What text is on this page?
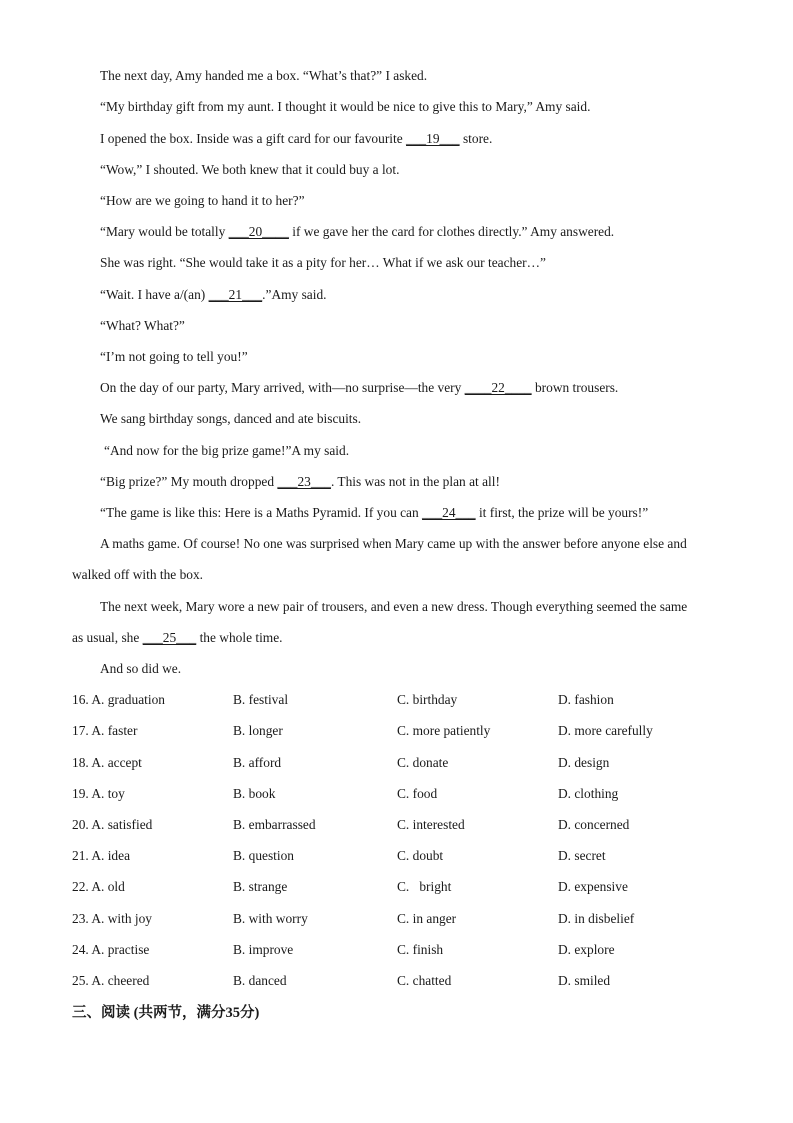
The next day, Amy handed me a box. “What’s that?” I asked.
“My birthday gift from my aunt. I thought it would be nice to give this to Mary,” Amy said.
I opened the box. Inside was a gift card for our favourite ___19___ store.
“Wow,” I shouted. We both knew that it could buy a lot.
“How are we going to hand it to her?”
“Mary would be totally ___20____ if we gave her the card for clothes directly.” Amy answered.
She was right. “She would take it as a pity for her… What if we ask our teacher…”
“Wait. I have a/(an) ___21___.”Amy said.
“What? What?”
“I’m not going to tell you!”
On the day of our party, Mary arrived, with—no surprise—the very ____22____ brown trousers.
We sang birthday songs, danced and ate biscuits.
“And now for the big prize game!”A my said.
“Big prize?” My mouth dropped ___23___. This was not in the plan at all!
“The game is like this: Here is a Maths Pyramid. If you can ___24___ it first, the prize will be yours!”
A maths game. Of course! No one was surprised when Mary came up with the answer before anyone else and
walked off with the box.
The next week, Mary wore a new pair of trousers, and even a new dress. Though everything seemed the same
as usual, she ___25___ the whole time.
And so did we.
16. A. graduation	B. festival	C. birthday	D. fashion
17. A. faster	B. longer	C. more patiently	D. more carefully
18. A. accept	B. afford	C. donate	D. design
19. A. toy	B. book	C. food	D. clothing
20. A. satisfied	B. embarrassed	C. interested	D. concerned
21. A. idea	B. question	C. doubt	D. secret
22. A. old	B. strange	C.   bright	D. expensive
23. A. with joy	B. with worry	C. in anger	D. in disbelief
24. A. practise	B. improve	C. finish	D. explore
25. A. cheered	B. danced	C. chatted	D. smiled
三、阅读 (共两节，满分35分)
